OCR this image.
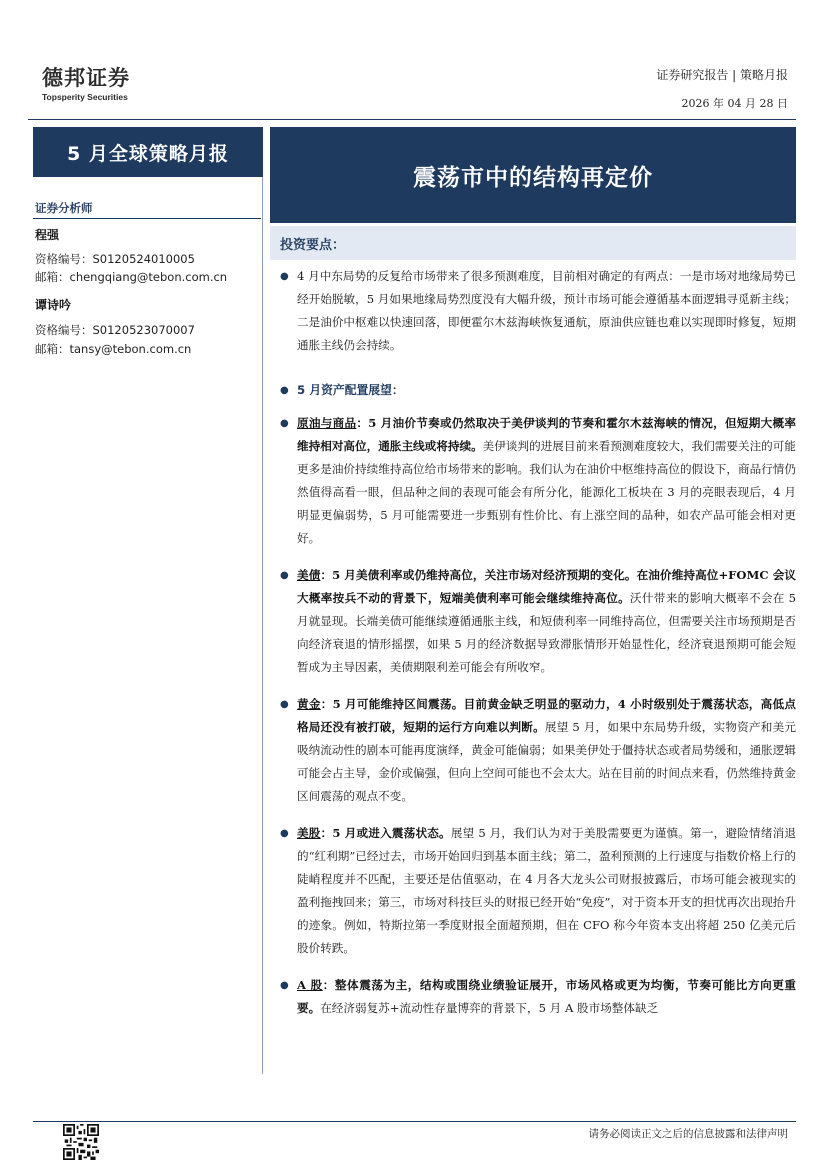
德邦证券
Topsperity Securities
证券研究报告 | 策略月报
2026 年 04 月 28 日
5 月全球策略月报
证券分析师
程强
资格编号：S0120524010005
邮箱：chengqiang@tebon.com.cn
谭诗吟
资格编号：S0120523070007
邮箱：tansy@tebon.com.cn
震荡市中的结构再定价
投资要点：
● 4 月中东局势的反复给市场带来了很多预测难度，目前相对确定的有两点：一是市场对地缘局势已经开始脱敏，5 月如果地缘局势烈度没有大幅升级，预计市场可能会遵循基本面逻辑寻觅新主线；二是油价中枢难以快速回落，即便霍尔木兹海峡恢复通航，原油供应链也难以实现即时修复，短期通胀主线仍会持续。
● 5 月资产配置展望：
● 原油与商品：5 月油价节奏或仍然取决于美伊谈判的节奏和霍尔木兹海峡的情况，但短期大概率维持相对高位，通胀主线或将持续。美伊谈判的进展目前来看预测难度较大，我们需要关注的可能更多是油价持续维持高位给市场带来的影响。我们认为在油价中枢维持高位的假设下，商品行情仍然值得高看一眼，但品种之间的表现可能会有所分化，能源化工板块在 3 月的亮眼表现后，4 月明显更偏弱势，5 月可能需要进一步甄别有性价比、有上涨空间的品种，如农产品可能会相对更好。
● 美债：5 月美债利率或仍维持高位，关注市场对经济预期的变化。在油价维持高位+FOMC 会议大概率按兵不动的背景下，短端美债利率可能会继续维持高位。沃什带来的影响大概率不会在 5 月就显现。长端美债可能继续遵循通胀主线，和短债利率一同维持高位，但需要关注市场预期是否向经济衰退的情形摇摆，如果 5 月的经济数据导致滞胀情形开始显性化，经济衰退预期可能会短暂成为主导因素，美债期限利差可能会有所收窄。
● 黄金：5 月可能维持区间震荡。目前黄金缺乏明显的驱动力，4 小时级别处于震荡状态，高低点格局还没有被打破，短期的运行方向难以判断。展望 5 月，如果中东局势升级，实物资产和美元吸纳流动性的剧本可能再度演绎，黄金可能偏弱；如果美伊处于僵持状态或者局势缓和，通胀逻辑可能会占主导，金价或偏强，但向上空间可能也不会太大。站在目前的时间点来看，仍然维持黄金区间震荡的观点不变。
● 美股：5 月或进入震荡状态。展望 5 月，我们认为对于美股需要更为谨慎。第一，避险情绪消退的“红利期”已经过去，市场开始回归到基本面主线；第二，盈利预测的上行速度与指数价格上行的陡峭程度并不匹配，主要还是估值驱动，在 4 月各大龙头公司财报披露后，市场可能会被现实的盈利拖拽回来；第三，市场对科技巨头的财报已经开始“免疫”，对于资本开支的担忧再次出现抬升的迹象。例如，特斯拉第一季度财报全面超预期，但在 CFO 称今年资本支出将超 250 亿美元后股价转跌。
● A 股：整体震荡为主，结构或围绕业绩验证展开，市场风格或更为均衡，节奏可能比方向更重要。在经济弱复苏+流动性存量博弈的背景下，5 月 A 股市场整体缺乏
请务必阅读正文之后的信息披露和法律声明
